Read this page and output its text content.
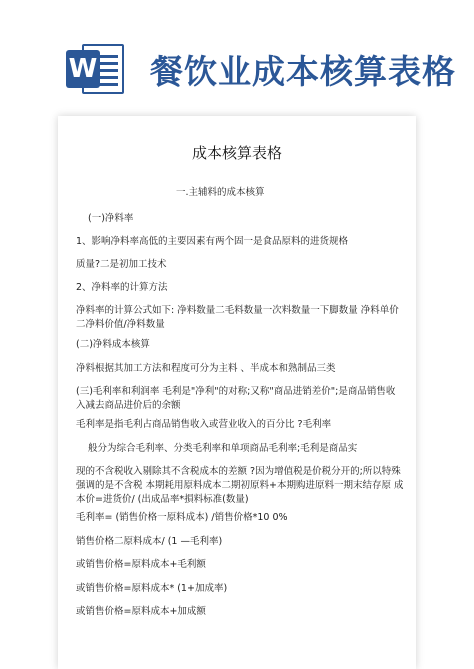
W 餐饮业成本核算表格
成本核算表格
一.主辅料的成本核算
(一)净料率
1、影响净料率高低的主要因素有两个固一是食品原料的进货规格
质量?二是初加工技术
2、净料率的计算方法
净料率的计算公式如下: 净料数量二毛料数量一次料数量一下脚数量 净料单价二净料价值/净料数量
(二)净料成本核算
净料根据其加工方法和程度可分为主料 、半成本和熟制品三类
(三)毛利率和利润率 毛利是"净利"的对称;又称"商品进销差价";是商品销售收 入减去商品进价后的余额
毛利率是指毛利占商品销售收入或营业收入的百分比 ?毛利率
般分为综合毛利率、分类毛利率和单项商品毛利率;毛利是商品实
现的不含税收入剔除其不含税成本的差额 ?因为增值税是价税分开的;所以特殊强调的是不含税 本期耗用原料成本二期初原料+本期购进原料一期末结存原 成本价=进货价/ (出成品率*損料标准(数量)
毛利率= (销售价格一原料成本) /销售价格*10 0%
销售价格二原料成本/ (1 —毛利率)
或销售价格=原料成本+毛利额
或销售价格=原料成本* (1+加成率)
或销售价格=原料成本+加成额
